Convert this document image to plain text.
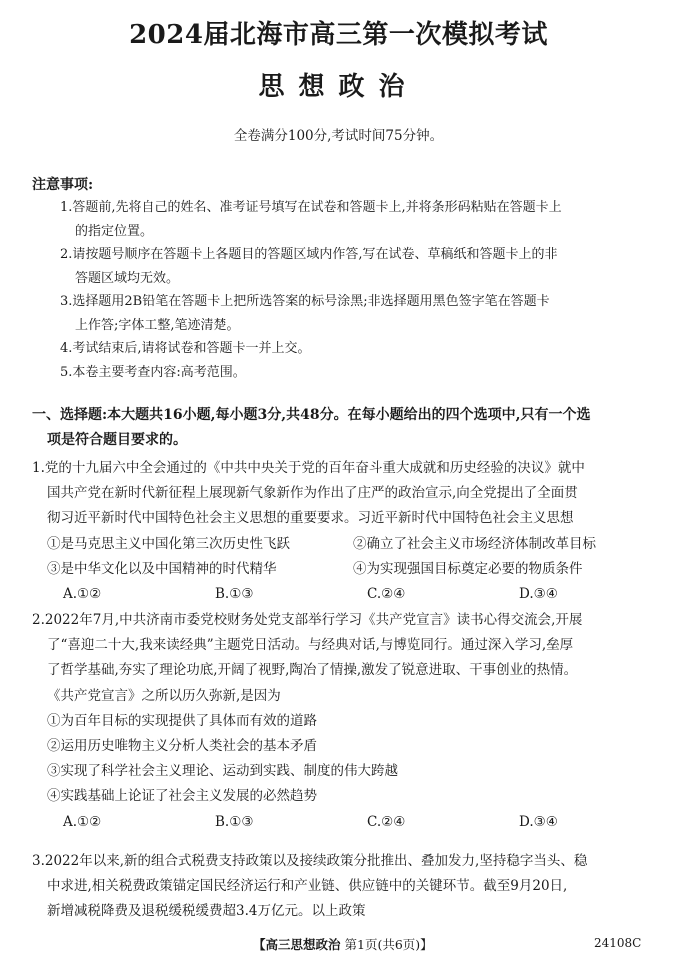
2024届北海市高三第一次模拟考试
思想政治
全卷满分100分,考试时间75分钟。
注意事项:
1.答题前,先将自己的姓名、准考证号填写在试卷和答题卡上,并将条形码粘贴在答题卡上
的指定位置。
2.请按题号顺序在答题卡上各题目的答题区域内作答,写在试卷、草稿纸和答题卡上的非
答题区域均无效。
3.选择题用2B铅笔在答题卡上把所选答案的标号涂黑;非选择题用黑色签字笔在答题卡
上作答;字体工整,笔迹清楚。
4.考试结束后,请将试卷和答题卡一并上交。
5.本卷主要考查内容:高考范围。
一、选择题:本大题共16小题,每小题3分,共48分。在每小题给出的四个选项中,只有一个选
项是符合题目要求的。
1.党的十九届六中全会通过的《中共中央关于党的百年奋斗重大成就和历史经验的决议》就中
国共产党在新时代新征程上展现新气象新作为作出了庄严的政治宣示,向全党提出了全面贯
彻习近平新时代中国特色社会主义思想的重要要求。习近平新时代中国特色社会主义思想
①是马克思主义中国化第三次历史性飞跃	②确立了社会主义市场经济体制改革目标
③是中华文化以及中国精神的时代精华	④为实现强国目标奠定必要的物质条件
A.①②	B.①③	C.②④	D.③④
2.2022年7月,中共济南市委党校财务处党支部举行学习《共产党宣言》读书心得交流会,开展
了“喜迎二十大,我来读经典”主题党日活动。与经典对话,与博览同行。通过深入学习,垒厚
了哲学基础,夯实了理论功底,开阔了视野,陶冶了情操,激发了锐意进取、干事创业的热情。
《共产党宣言》之所以历久弥新,是因为
①为百年目标的实现提供了具体而有效的道路
②运用历史唯物主义分析人类社会的基本矛盾
③实现了科学社会主义理论、运动到实践、制度的伟大跨越
④实践基础上论证了社会主义发展的必然趋势
A.①②	B.①③	C.②④	D.③④
3.2022年以来,新的组合式税费支持政策以及接续政策分批推出、叠加发力,坚持稳字当头、稳
中求进,相关税费政策锚定国民经济运行和产业链、供应链中的关键环节。截至9月20日,
新增减税降费及退税缓税缓费超3.4万亿元。以上政策
【高三思想政治 第1页(共6页)】	24108C
